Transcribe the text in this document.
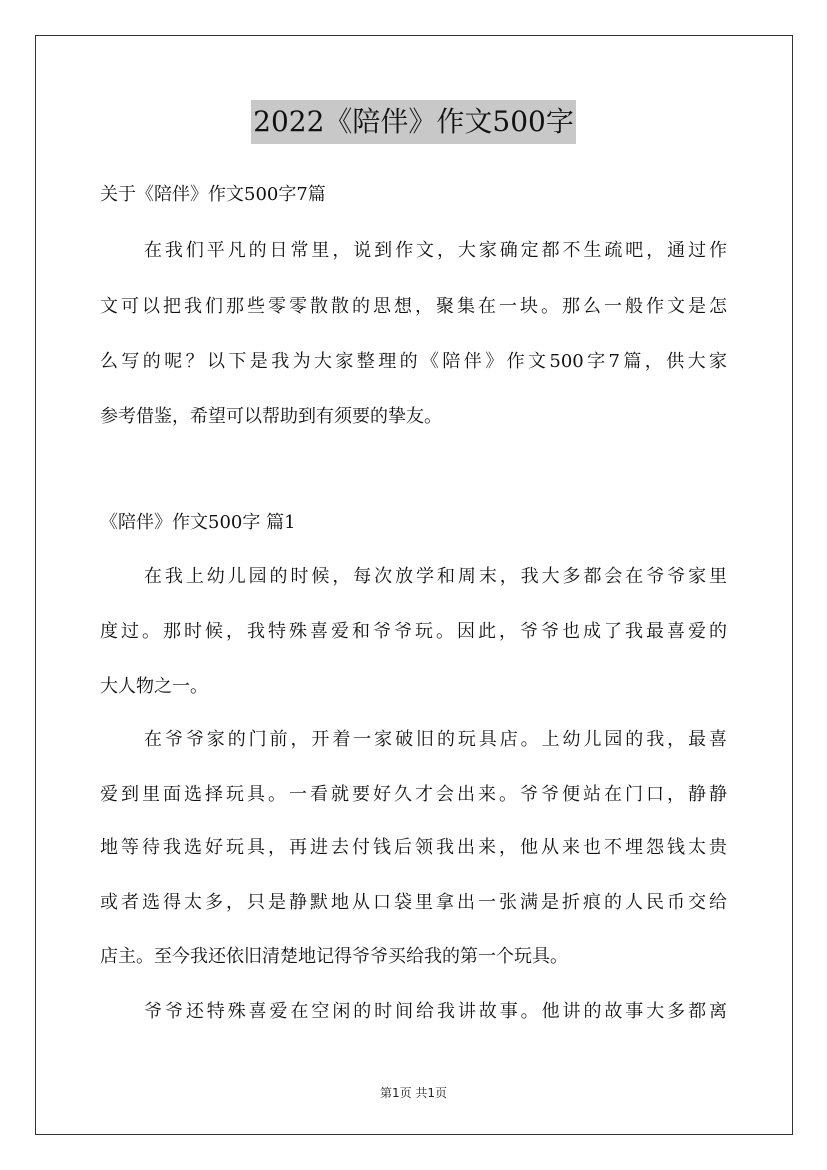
2022《陪伴》作文500字
关于《陪伴》作文500字7篇
在我们平凡的日常里，说到作文，大家确定都不生疏吧，通过作
文可以把我们那些零零散散的思想，聚集在一块。那么一般作文是怎
么写的呢？以下是我为大家整理的《陪伴》作文500字7篇，供大家
参考借鉴，希望可以帮助到有须要的挚友。
《陪伴》作文500字 篇1
在我上幼儿园的时候，每次放学和周末，我大多都会在爷爷家里
度过。那时候，我特殊喜爱和爷爷玩。因此，爷爷也成了我最喜爱的
大人物之一。
在爷爷家的门前，开着一家破旧的玩具店。上幼儿园的我，最喜
爱到里面选择玩具。一看就要好久才会出来。爷爷便站在门口，静静
地等待我选好玩具，再进去付钱后领我出来，他从来也不埋怨钱太贵
或者选得太多，只是静默地从口袋里拿出一张满是折痕的人民币交给
店主。至今我还依旧清楚地记得爷爷买给我的第一个玩具。
爷爷还特殊喜爱在空闲的时间给我讲故事。他讲的故事大多都离
第1页 共1页
